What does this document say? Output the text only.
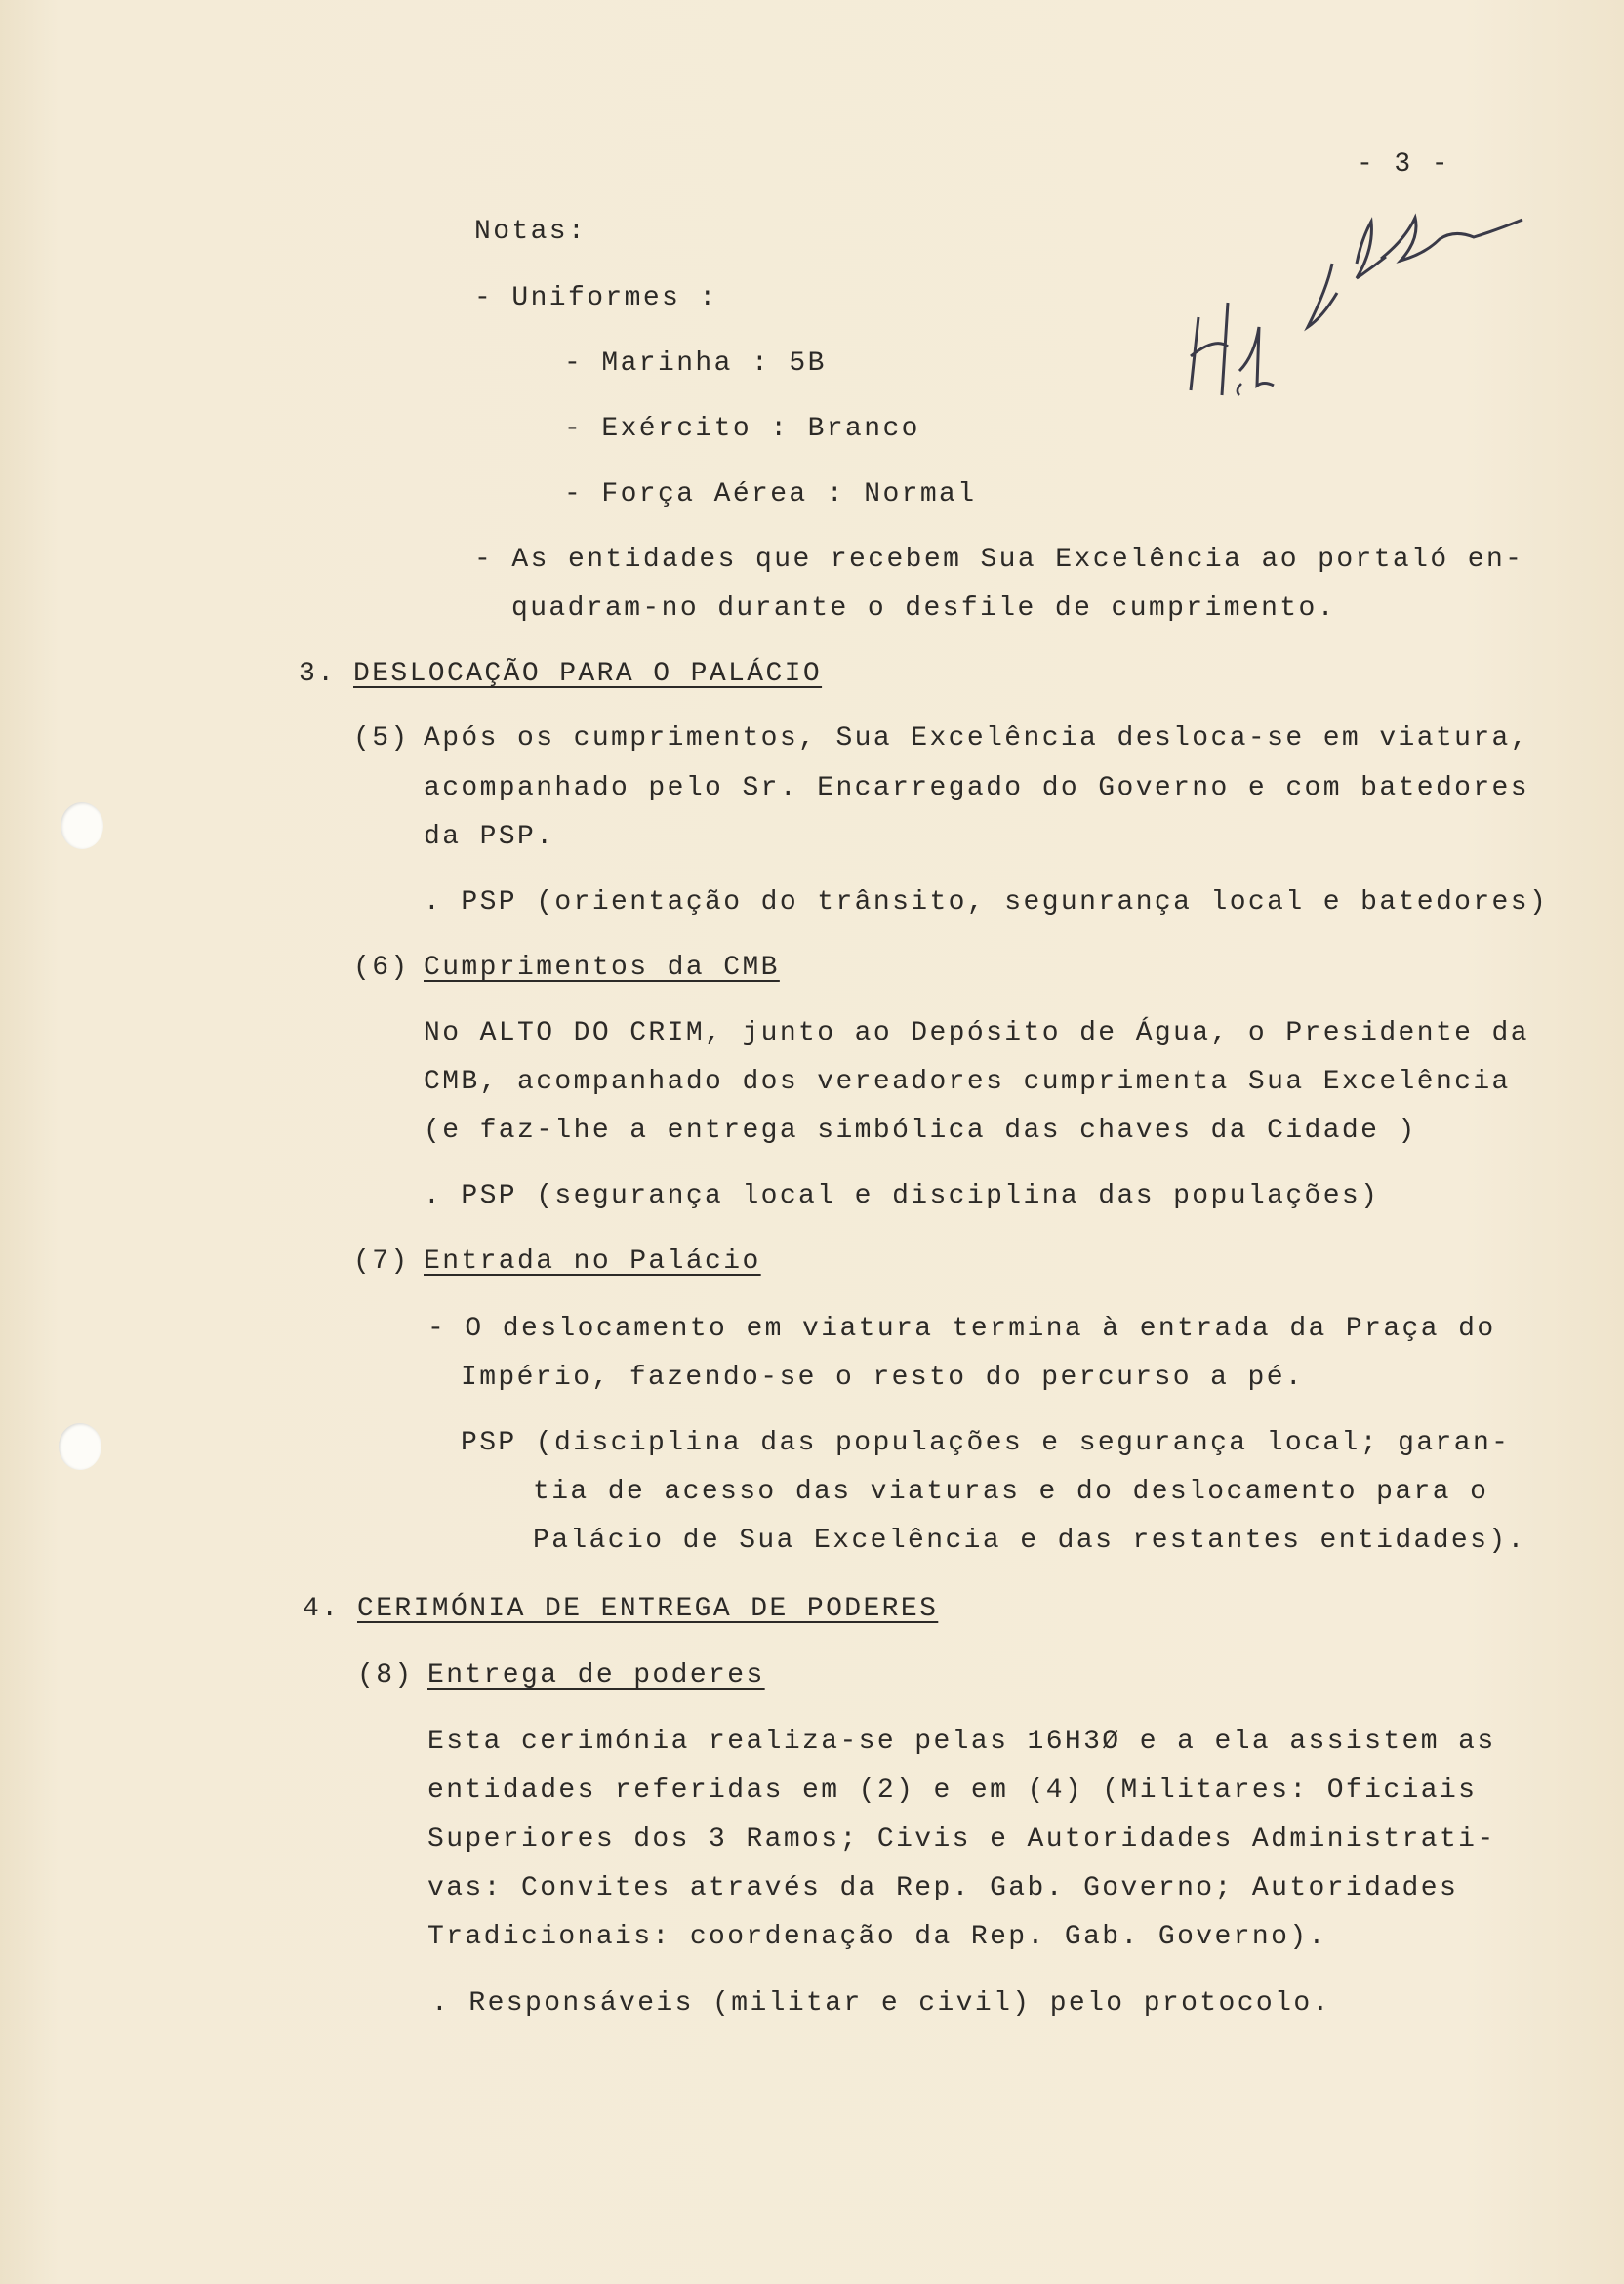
- 3 -
Notas:
- Uniformes :
- Marinha : 5B
- Exército : Branco
- Força Aérea : Normal
- As entidades que recebem Sua Excelência ao portaló en-
quadram-no durante o desfile de cumprimento.
3. DESLOCAÇÃO PARA O PALÁCIO
(5) Após os cumprimentos, Sua Excelência desloca-se em viatura,
acompanhado pelo Sr. Encarregado do Governo e com batedores
da PSP.
. PSP (orientação do trânsito, segunrança local e batedores)
(6) Cumprimentos da CMB
No ALTO DO CRIM, junto ao Depósito de Água, o Presidente da
CMB, acompanhado dos vereadores cumprimenta Sua Excelência
(e faz-lhe a entrega simbólica das chaves da Cidade )
. PSP (segurança local e disciplina das populações)
(7) Entrada no Palácio
- O deslocamento em viatura termina à entrada da Praça do
Império, fazendo-se o resto do percurso a pé.
PSP (disciplina das populações e segurança local; garan-
tia de acesso das viaturas e do deslocamento para o
Palácio de Sua Excelência e das restantes entidades).
4. CERIMÓNIA DE ENTREGA DE PODERES
(8) Entrega de poderes
Esta cerimónia realiza-se pelas 16H3Ø e a ela assistem as
entidades referidas em (2) e em (4) (Militares: Oficiais
Superiores dos 3 Ramos; Civis e Autoridades Administrati-
vas: Convites através da Rep. Gab. Governo; Autoridades
Tradicionais: coordenação da Rep. Gab. Governo).
. Responsáveis (militar e civil) pelo protocolo.
